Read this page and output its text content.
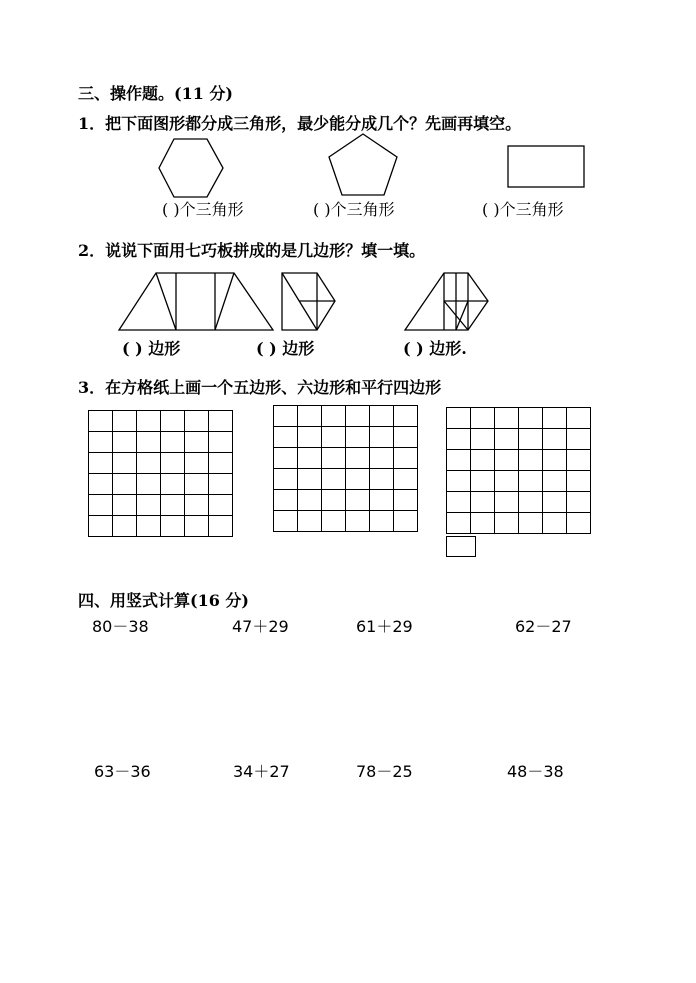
三、操作题。(11 分)
1．把下面图形都分成三角形，最少能分成几个？先画再填空。
( )个三角形	( )个三角形	( )个三角形
2．说说下面用七巧板拼成的是几边形？填一填。
( ) 边形	( ) 边形	( ) 边形.
3．在方格纸上画一个五边形、六边形和平行四边形

四、用竖式计算(16 分)
80－38	47＋29	61＋29	62－27
63－36	34＋27	78－25	48－38
